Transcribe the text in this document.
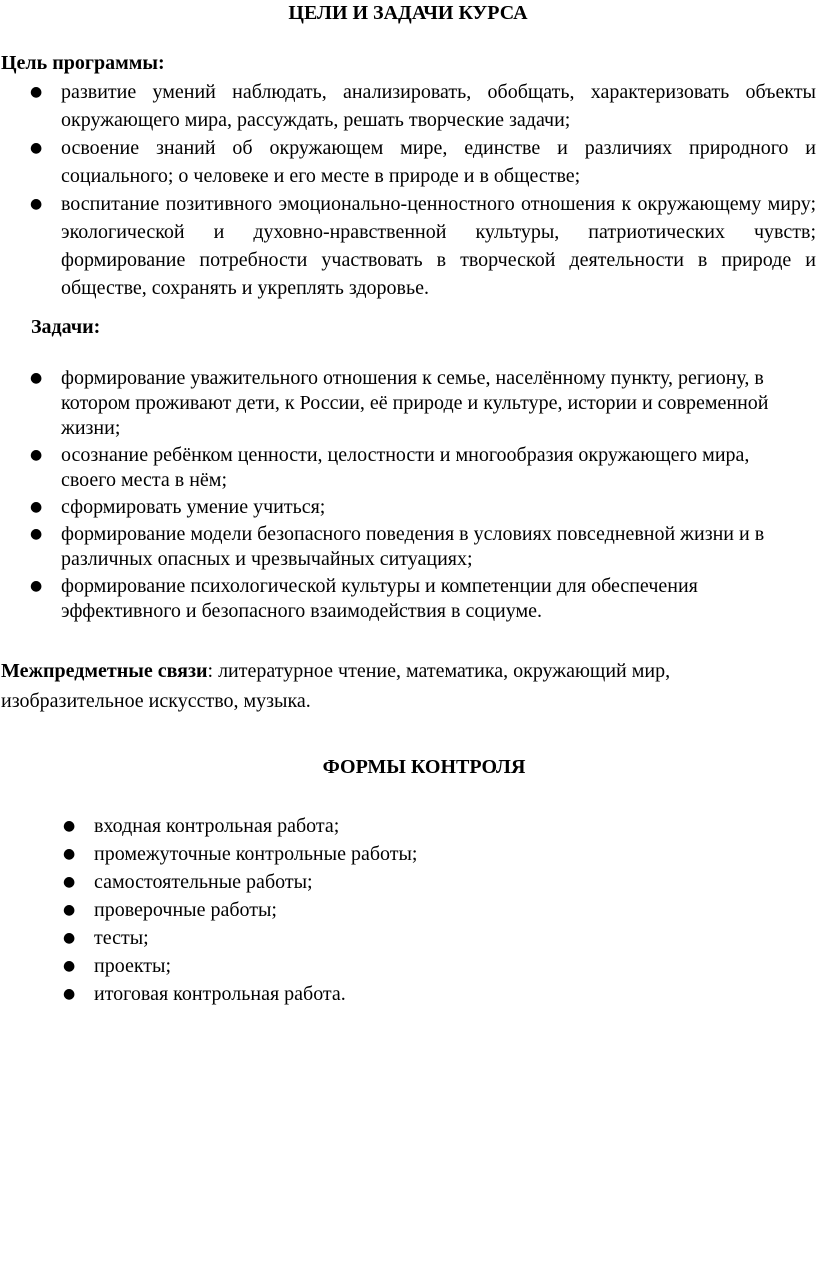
ЦЕЛИ И ЗАДАЧИ КУРСА

Цель программы:

● развитие умений наблюдать, анализировать, обобщать, характеризовать объекты окружающего мира, рассуждать, решать творческие задачи;
● освоение знаний об окружающем мире, единстве и различиях природного и социального; о человеке и его месте в природе и в обществе;
● воспитание позитивного эмоционально-ценностного отношения к окружающему миру; экологической и духовно-нравственной культуры, патриотических чувств; формирование потребности участвовать в творческой деятельности в природе и обществе, сохранять и укреплять здоровье.

Задачи:

● формирование уважительного отношения к семье, населённому пункту, региону, в котором проживают дети, к России, её природе и культуре, истории и современной жизни;
● осознание ребёнком ценности, целостности и многообразия окружающего мира, своего места в нём;
● сформировать умение учиться;
● формирование модели безопасного поведения в условиях повседневной жизни и в различных опасных и чрезвычайных ситуациях;
● формирование психологической культуры и компетенции для обеспечения эффективного и безопасного взаимодействия в социуме.

Межпредметные связи: литературное чтение, математика, окружающий мир, изобразительное искусство, музыка.

ФОРМЫ КОНТРОЛЯ
● входная контрольная работа;
● промежуточные контрольные работы;
● самостоятельные работы;
● проверочные работы;
● тесты;
● проекты;
● итоговая контрольная работа.
